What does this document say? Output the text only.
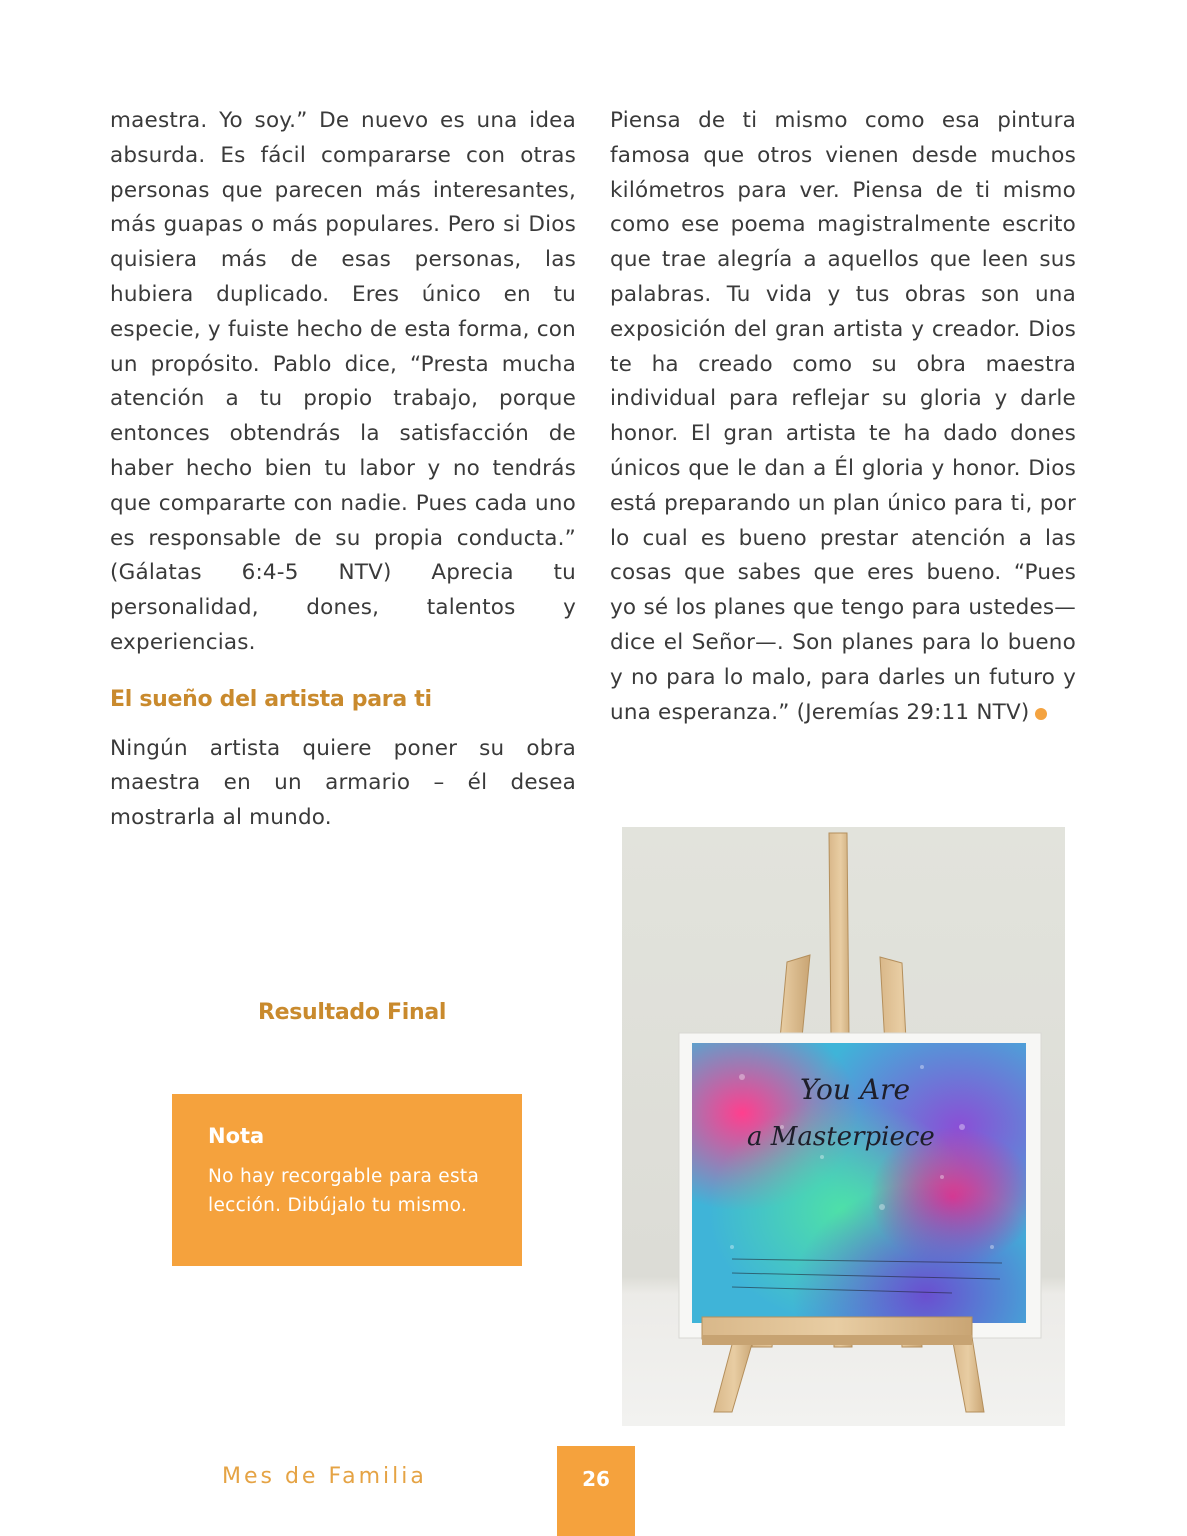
maestra. Yo soy.” De nuevo es una idea absurda. Es fácil compararse con otras personas que parecen más interesantes, más guapas o más populares. Pero si Dios quisiera más de esas personas, las hubiera duplicado. Eres único en tu especie, y fuiste hecho de esta forma, con un propósito. Pablo dice, “Presta mucha atención a tu propio trabajo, porque entonces obtendrás la satisfacción de haber hecho bien tu labor y no tendrás que compararte con nadie. Pues cada uno es responsable de su propia conducta.” (Gálatas 6:4-5 NTV) Aprecia tu personalidad, dones, talentos y experiencias.

El sueño del artista para ti

Ningún artista quiere poner su obra maestra en un armario – él desea mostrarla al mundo.

Piensa de ti mismo como esa pintura famosa que otros vienen desde muchos kilómetros para ver. Piensa de ti mismo como ese poema magistralmente escrito que trae alegría a aquellos que leen sus palabras. Tu vida y tus obras son una exposición del gran artista y creador. Dios te ha creado como su obra maestra individual para reflejar su gloria y darle honor. El gran artista te ha dado dones únicos que le dan a Él gloria y honor. Dios está preparando un plan único para ti, por lo cual es bueno prestar atención a las cosas que sabes que eres bueno. “Pues yo sé los planes que tengo para ustedes—dice el Señor—. Son planes para lo bueno y no para lo malo, para darles un futuro y una esperanza.” (Jeremías 29:11 NTV)

Resultado Final
Nota
No hay recorgable para esta lección. Dibújalo tu mismo.
You Are
a Masterpiece
Mes de Familia	26
